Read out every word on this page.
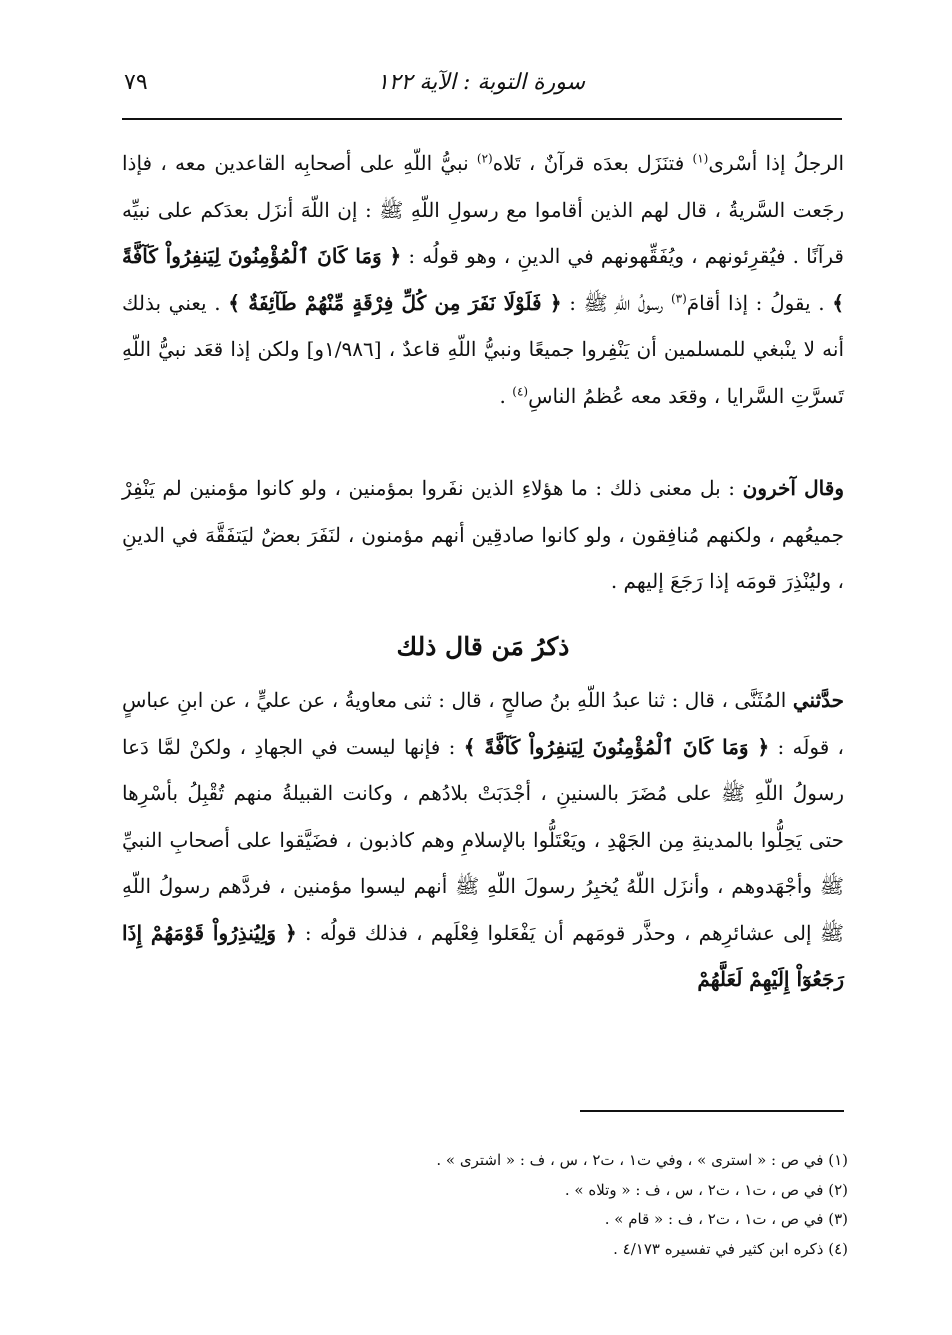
سورة التوبة : الآية ١٢٢
٧٩

الرجلُ إذا أسْرى$^{(١)}$ فتنَزَل بعدَه قرآنٌ ، تَلاه$^{(٢)}$ نبيُّ اللّهِ على أصحابِه القاعدين معه ، فإذا رجَعت السَّريةُ ، قال لهم الذين أقاموا مع رسولِ اللّهِ ﷺ : إن اللّهَ أنزَل بعدَكم على نبيِّه قرآنًا . فيُقرِئونهم ، ويُفَقِّهونهم في الدينِ ، وهو قولُه : ﴿ وَمَا كَانَ ٱلْمُؤْمِنُونَ لِيَنفِرُواْ كَآفَّةً ﴾ . يقولُ : إذا أقامَ$^{(٣)}$ رسولُ اللّهِ ﷺ : ﴿ فَلَوْلَا نَفَرَ مِن كُلِّ فِرْقَةٍ مِّنْهُمْ طَآئِفَةٌ ﴾ . يعني بذلك أنه لا ينْبغي للمسلمين أن يَنْفِروا جميعًا ونبيُّ اللّهِ قاعدٌ ، [١/٩٨٦و] ولكن إذا قعَد نبيُّ اللّهِ تَسرَّتِ السَّرايا ، وقعَد معه عُظمُ الناسِ$^{(٤)}$ .

وقال آخرون : بل معنى ذلك : ما هؤلاءِ الذين نفَروا بمؤمنين ، ولو كانوا مؤمنين لم يَنْفِرْ جميعُهم ، ولكنهم مُنافِقون ، ولو كانوا صادقِين أنهم مؤمنون ، لنَفَرَ بعضٌ ليَتفَقَّهَ في الدينِ ، وليُنْذِرَ قومَه إذا رَجَعَ إليهم .

ذكرُ مَن قال ذلك

حدَّثني المُثَنَّى ، قال : ثنا عبدُ اللّهِ بنُ صالحٍ ، قال : ثنى معاويةُ ، عن عليٍّ ، عن ابنِ عباسٍ ، قولَه : ﴿ وَمَا كَانَ ٱلْمُؤْمِنُونَ لِيَنفِرُواْ كَآفَّةً ﴾ : فإنها ليست في الجهادِ ، ولكنْ لمَّا دَعا رسولُ اللّهِ ﷺ على مُضَرَ بالسنينِ ، أجْدَبَتْ بلادُهم ، وكانت القبيلةُ منهم تُقْبِلُ بأسْرِها حتى يَحِلُّوا بالمدينةِ مِن الجَهْدِ ، ويَعْتَلُّوا بالإسلامِ وهم كاذبون ، فضَيَّقوا على أصحابِ النبيِّ ﷺ وأجْهَدوهم ، وأنزَل اللّهُ يُخبِرُ رسولَ اللّهِ ﷺ أنهم ليسوا مؤمنين ، فردَّهم رسولُ اللّهِ ﷺ إلى عشائرِهم ، وحذَّر قومَهم أن يَفْعَلوا فِعْلَهم ، فذلك قولُه : ﴿ وَلِيُنذِرُواْ قَوْمَهُمْ إِذَا رَجَعُوٓاْ إِلَيْهِمْ لَعَلَّهُمْ

(١) في ص : « استرى » ، وفي ت١ ، ت٢ ، س ، ف : « اشترى » .

(٢) في ص ، ت١ ، ت٢ ، س ، ف : « وتلاه » .

(٣) في ص ، ت١ ، ت٢ ، ف : « قام » .

(٤) ذكره ابن كثير في تفسيره ٤/١٧٣ .
